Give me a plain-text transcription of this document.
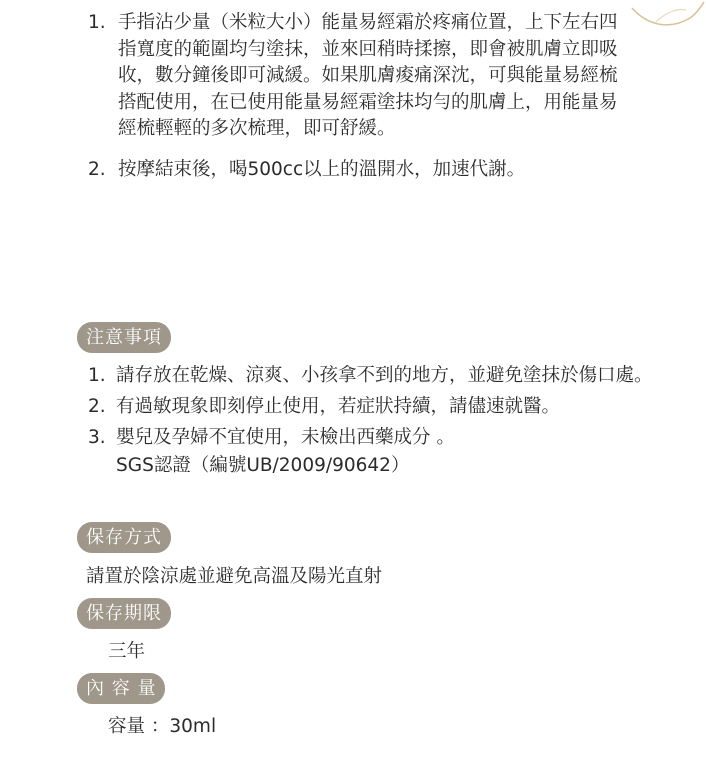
1. 手指沾少量（米粒大小）能量易經霜於疼痛位置，上下左右四指寬度的範圍均勻塗抹，並來回稍時揉擦，即會被肌膚立即吸收，數分鐘後即可減緩。如果肌膚痠痛深沈，可與能量易經梳搭配使用，在已使用能量易經霜塗抹均勻的肌膚上，用能量易經梳輕輕的多次梳理，即可舒緩。
2. 按摩結束後，喝500cc以上的溫開水，加速代謝。
注意事項
1. 請存放在乾燥、涼爽、小孩拿不到的地方，並避免塗抹於傷口處。
2. 有過敏現象即刻停止使用，若症狀持續，請儘速就醫。
3. 嬰兒及孕婦不宜使用，未檢出西藥成分 。
SGS認證（編號UB/2009/90642）
保存方式
請置於陰涼處並避免高溫及陽光直射
保存期限
三年
內 容 量
容量 ：30ml
